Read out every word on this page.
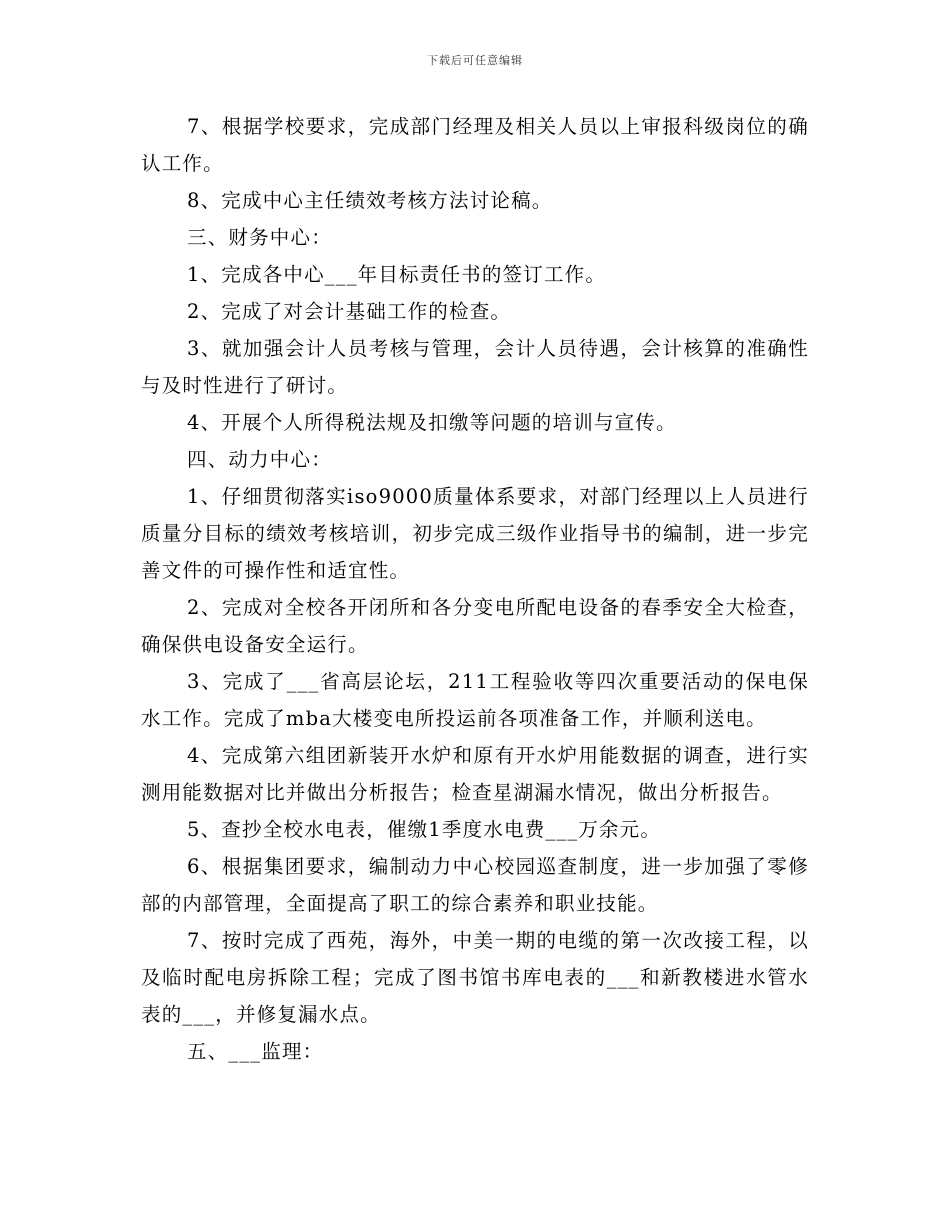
下载后可任意编辑

7、根据学校要求，完成部门经理及相关人员以上审报科级岗位的确认工作。

8、完成中心主任绩效考核方法讨论稿。

三、财务中心：

1、完成各中心___年目标责任书的签订工作。

2、完成了对会计基础工作的检查。

3、就加强会计人员考核与管理，会计人员待遇，会计核算的准确性与及时性进行了研讨。

4、开展个人所得税法规及扣缴等问题的培训与宣传。

四、动力中心：

1、仔细贯彻落实iso9000质量体系要求，对部门经理以上人员进行质量分目标的绩效考核培训，初步完成三级作业指导书的编制，进一步完善文件的可操作性和适宜性。

2、完成对全校各开闭所和各分变电所配电设备的春季安全大检查，确保供电设备安全运行。

3、完成了___省高层论坛，211工程验收等四次重要活动的保电保水工作。完成了mba大楼变电所投运前各项准备工作，并顺利送电。

4、完成第六组团新装开水炉和原有开水炉用能数据的调查，进行实测用能数据对比并做出分析报告；检查星湖漏水情况，做出分析报告。

5、查抄全校水电表，催缴1季度水电费___万余元。

6、根据集团要求，编制动力中心校园巡查制度，进一步加强了零修部的内部管理，全面提高了职工的综合素养和职业技能。

7、按时完成了西苑，海外，中美一期的电缆的第一次改接工程，以及临时配电房拆除工程；完成了图书馆书库电表的___和新教楼进水管水表的___，并修复漏水点。

五、___监理：
